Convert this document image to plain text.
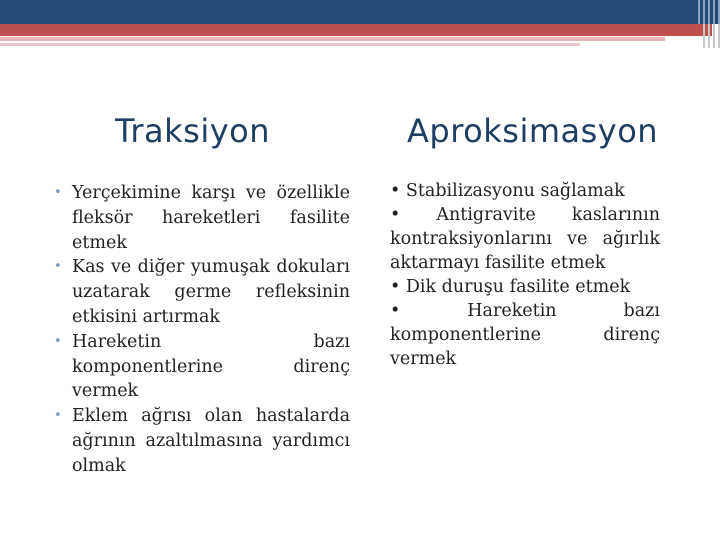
Traksiyon	Aproksimasyon
• Yerçekimine karşı ve özellikle fleksör hareketleri fasilite etmek
• Kas ve diğer yumuşak dokuları uzatarak germe refleksinin etkisini artırmak
• Hareketin bazı komponentlerine direnç vermek
• Eklem ağrısı olan hastalarda ağrının azaltılmasına yardımcı olmak

• Stabilizasyonu sağlamak

• Antigravite kaslarının kontraksiyonlarını ve ağırlık aktarmayı fasilite etmek

• Dik duruşu fasilite etmek

• Hareketin bazı komponentlerine direnç vermek
